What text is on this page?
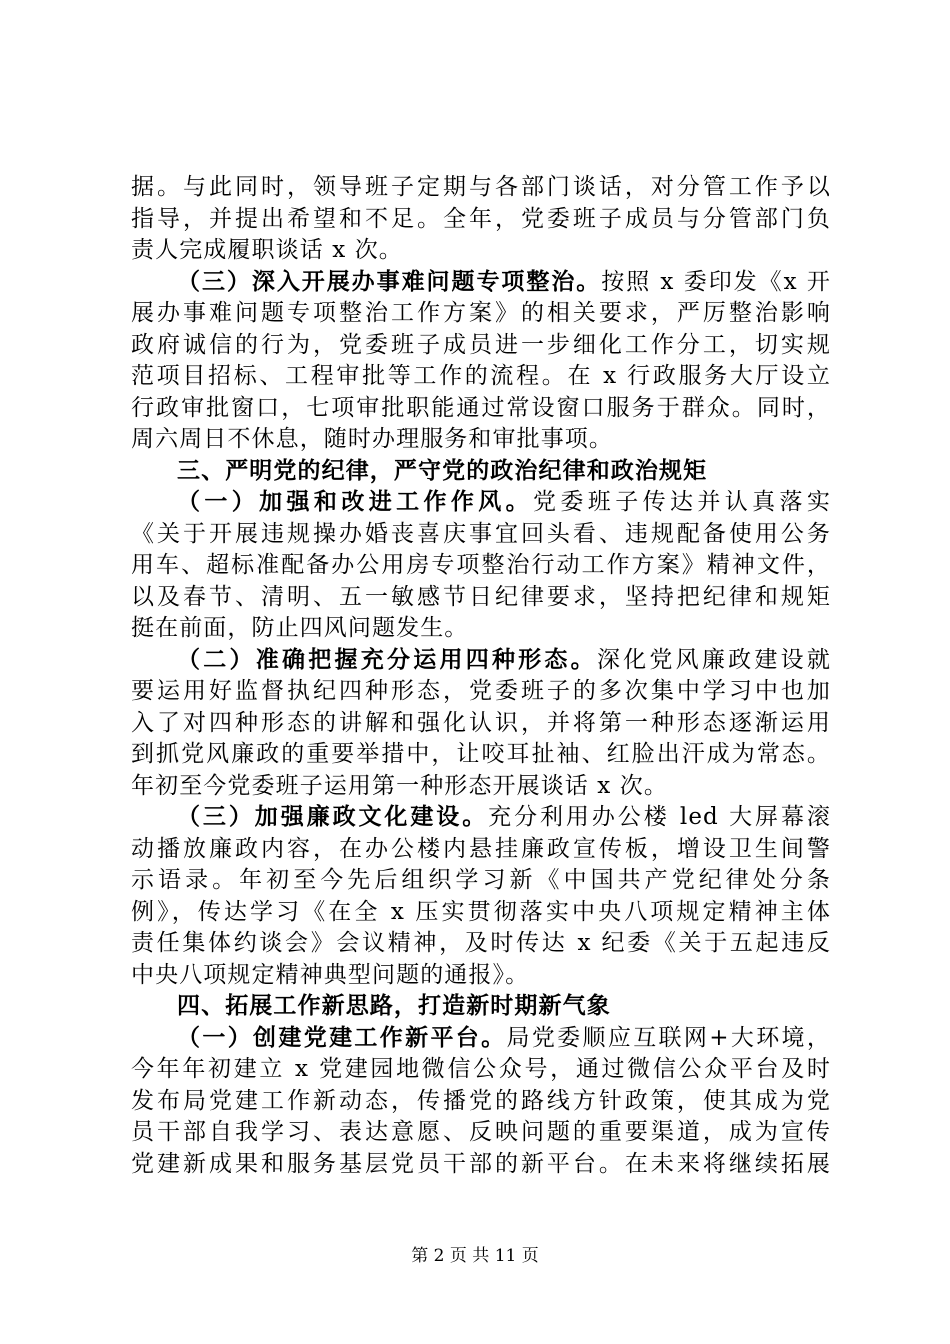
据。与此同时，领导班子定期与各部门谈话，对分管工作予以
指导，并提出希望和不足。全年，党委班子成员与分管部门负
责人完成履职谈话 x 次。
（三）深入开展办事难问题专项整治。按照 x 委印发《x 开
展办事难问题专项整治工作方案》的相关要求，严厉整治影响
政府诚信的行为，党委班子成员进一步细化工作分工，切实规
范项目招标、工程审批等工作的流程。在 x 行政服务大厅设立
行政审批窗口，七项审批职能通过常设窗口服务于群众。同时，
周六周日不休息，随时办理服务和审批事项。
三、严明党的纪律，严守党的政治纪律和政治规矩
（一）加强和改进工作作风。党委班子传达并认真落实
《关于开展违规操办婚丧喜庆事宜回头看、违规配备使用公务
用车、超标准配备办公用房专项整治行动工作方案》精神文件，
以及春节、清明、五一敏感节日纪律要求，坚持把纪律和规矩
挺在前面，防止四风问题发生。
（二）准确把握充分运用四种形态。深化党风廉政建设就
要运用好监督执纪四种形态，党委班子的多次集中学习中也加
入了对四种形态的讲解和强化认识，并将第一种形态逐渐运用
到抓党风廉政的重要举措中，让咬耳扯袖、红脸出汗成为常态。
年初至今党委班子运用第一种形态开展谈话 x 次。
（三）加强廉政文化建设。充分利用办公楼 led 大屏幕滚
动播放廉政内容，在办公楼内悬挂廉政宣传板，增设卫生间警
示语录。年初至今先后组织学习新《中国共产党纪律处分条
例》，传达学习《在全 x 压实贯彻落实中央八项规定精神主体
责任集体约谈会》会议精神，及时传达 x 纪委《关于五起违反
中央八项规定精神典型问题的通报》。
四、拓展工作新思路，打造新时期新气象
（一）创建党建工作新平台。局党委顺应互联网+大环境，
今年年初建立 x 党建园地微信公众号，通过微信公众平台及时
发布局党建工作新动态，传播党的路线方针政策，使其成为党
员干部自我学习、表达意愿、反映问题的重要渠道，成为宣传
党建新成果和服务基层党员干部的新平台。在未来将继续拓展
第 2 页 共 11 页
